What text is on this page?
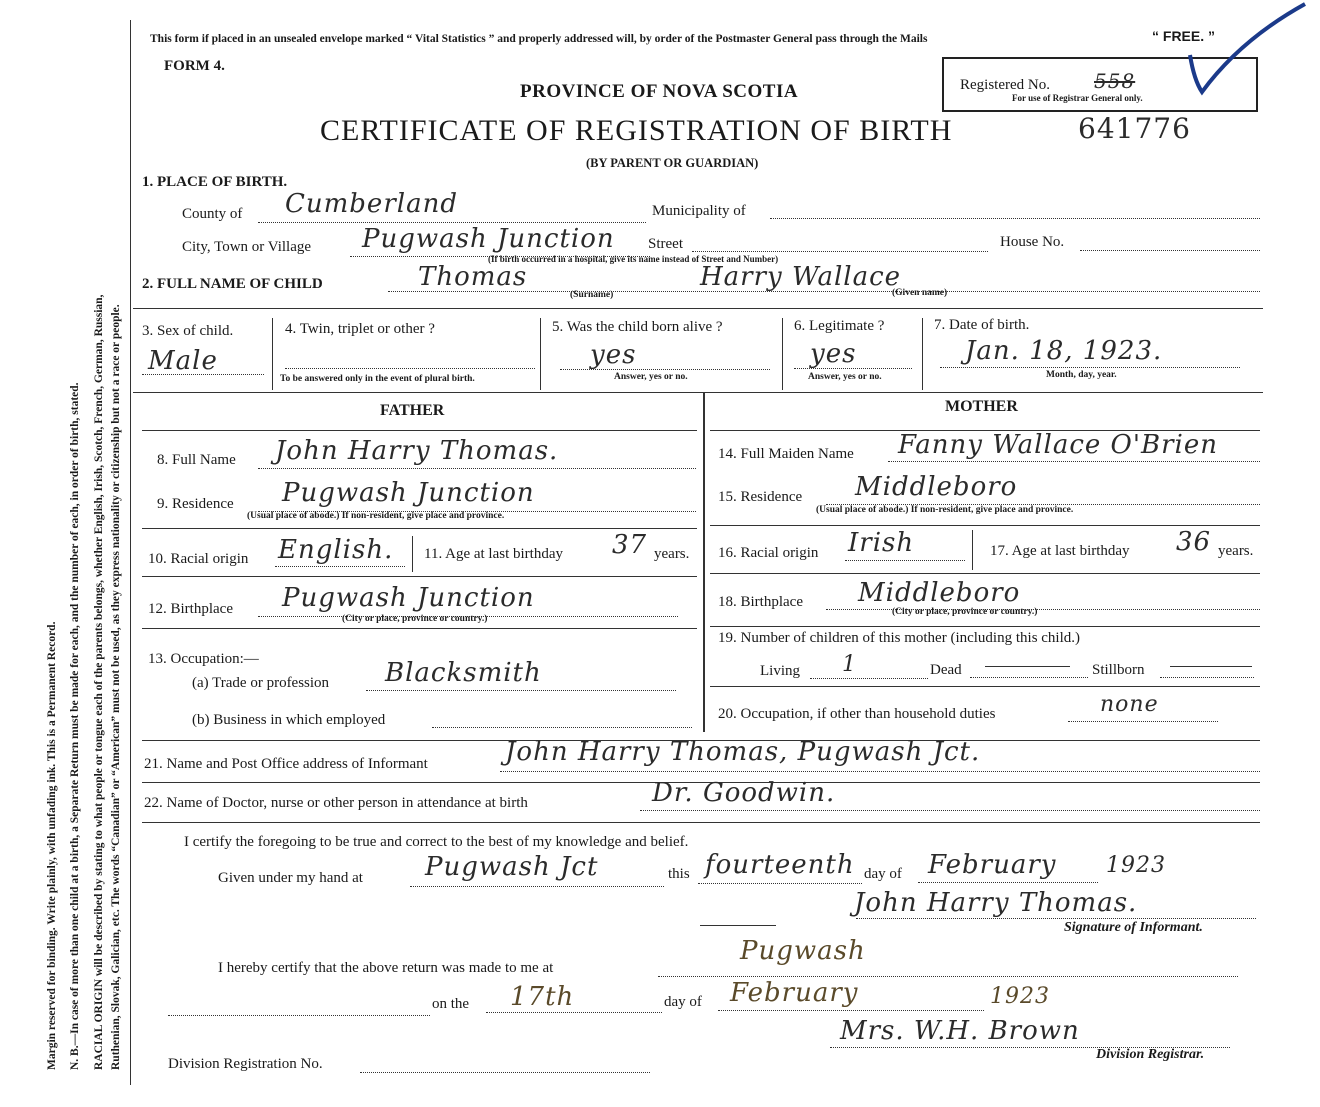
Margin reserved for binding. Write plainly, with unfading ink. This is a Permanent Record. N. B.—In case of more than one child at a birth, a Separate Return must be made for each, and the number of each, in order of birth, stated. RACIAL ORIGIN will be described by stating to what people or tongue each of the parents belongs, whether English, Irish, Scotch, French, German, Russian, Ruthenian, Slovak, Galician, etc. The words “Canadian” or “American” must not be used, as they express nationality or citizenship but not a race or people.
This form if placed in an unsealed envelope marked “ Vital Statistics ” and properly addressed will, by order of the Postmaster General pass through the Mails	“ FREE. ”
FORM 4.
PROVINCE OF NOVA SCOTIA
CERTIFICATE OF REGISTRATION OF BIRTH
(BY PARENT OR GUARDIAN)
641776
Registered No. 558
For use of Registrar General only.
1. PLACE OF BIRTH.
County of Cumberland	Municipality of
City, Town or Village Pugwash Junction Street	House No.
(If birth occurred in a hospital, give its name instead of Street and Number)
2. FULL NAME OF CHILD	Thomas
(Surname)
Harry Wallace
(Given name)
3. Sex of child.
Male
4. Twin, triplet or other ?
To be answered only in the event of plural birth.
5. Was the child born alive ?
yes
Answer, yes or no.
6. Legitimate ?
yes
Answer, yes or no.
7. Date of birth.
Jan. 18, 1923.
Month, day, year.
FATHER	MOTHER
8. Full Name John Harry Thomas.
9. Residence Pugwash Junction
(Usual place of abode.) If non-resident, give place and province.
10. Racial origin English. 11. Age at last birthday 37 years.
12. Birthplace Pugwash Junction
(City or place, province or country.)
13. Occupation:—
(a) Trade or profession Blacksmith
(b) Business in which employed
14. Full Maiden Name Fanny Wallace O'Brien
15. Residence Middleboro
(Usual place of abode.) If non-resident, give place and province.
16. Racial origin Irish	17. Age at last birthday 36 years.
18. Birthplace Middleboro
(City or place, province or country.)
19. Number of children of this mother (including this child.)
Living 1	Dead	Stillborn
20. Occupation, if other than household duties	none
21. Name and Post Office address of Informant	John Harry Thomas, Pugwash Jct.
22. Name of Doctor, nurse or other person in attendance at birth	Dr. Goodwin.
I certify the foregoing to be true and correct to the best of my knowledge and belief.
Given under my hand at Pugwash Jct	this fourteenth day of February 1923
John Harry Thomas.
Signature of Informant.
I hereby certify that the above return was made to me at
Pugwash
on the 17th	day of February	1923
Mrs. W.H. Brown
Division Registrar.
Division Registration No.
